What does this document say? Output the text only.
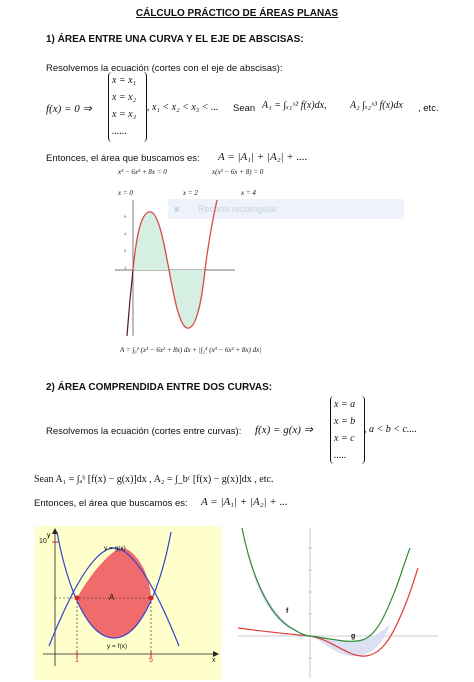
CÁLCULO PRÁCTICO DE ÁREAS PLANAS
1) ÁREA ENTRE UNA CURVA Y EL EJE DE ABSCISAS:
Resolvemos la ecuación (cortes con el eje de abscisas):
f(x) = 0 ⇒
x = x₁
x = x₂
x = x₃
......
, x₁ < x₂ < x₃ < ... Sean A₁ = ∫ₓ₁ˣ² f(x)dx, A₂ ∫ₓ₂ˣ³ f(x)dx , etc.
Entonces, el área que buscamos es: A = |A₁| + |A₂| + ....
x³ − 6x² + 8x = 0	x(x² − 6x + 8) = 0
x = 0	x = 2	x = 4
■ Recorte rectangular
9
4
3
1
A = ∫₀² (x³ − 6x² + 8x) dx + |∫₂⁴ (x³ − 6x² + 8x) dx|
2) ÁREA COMPRENDIDA ENTRE DOS CURVAS:
Resolvemos la ecuación (cortes entre curvas): f(x) = g(x) ⇒
x = a
x = b
x = c
.....
, a < b < c....
Sean A₁ = ∫ₐᵇ [f(x) − g(x)]dx , A₂ = ∫_bᶜ [f(x) − g(x)]dx , etc.
Entonces, el área que buscamos es: A = |A₁| + |A₂| + ...
y
10
x
y = g(x)
y = f(x)
A
1	5
f
g
